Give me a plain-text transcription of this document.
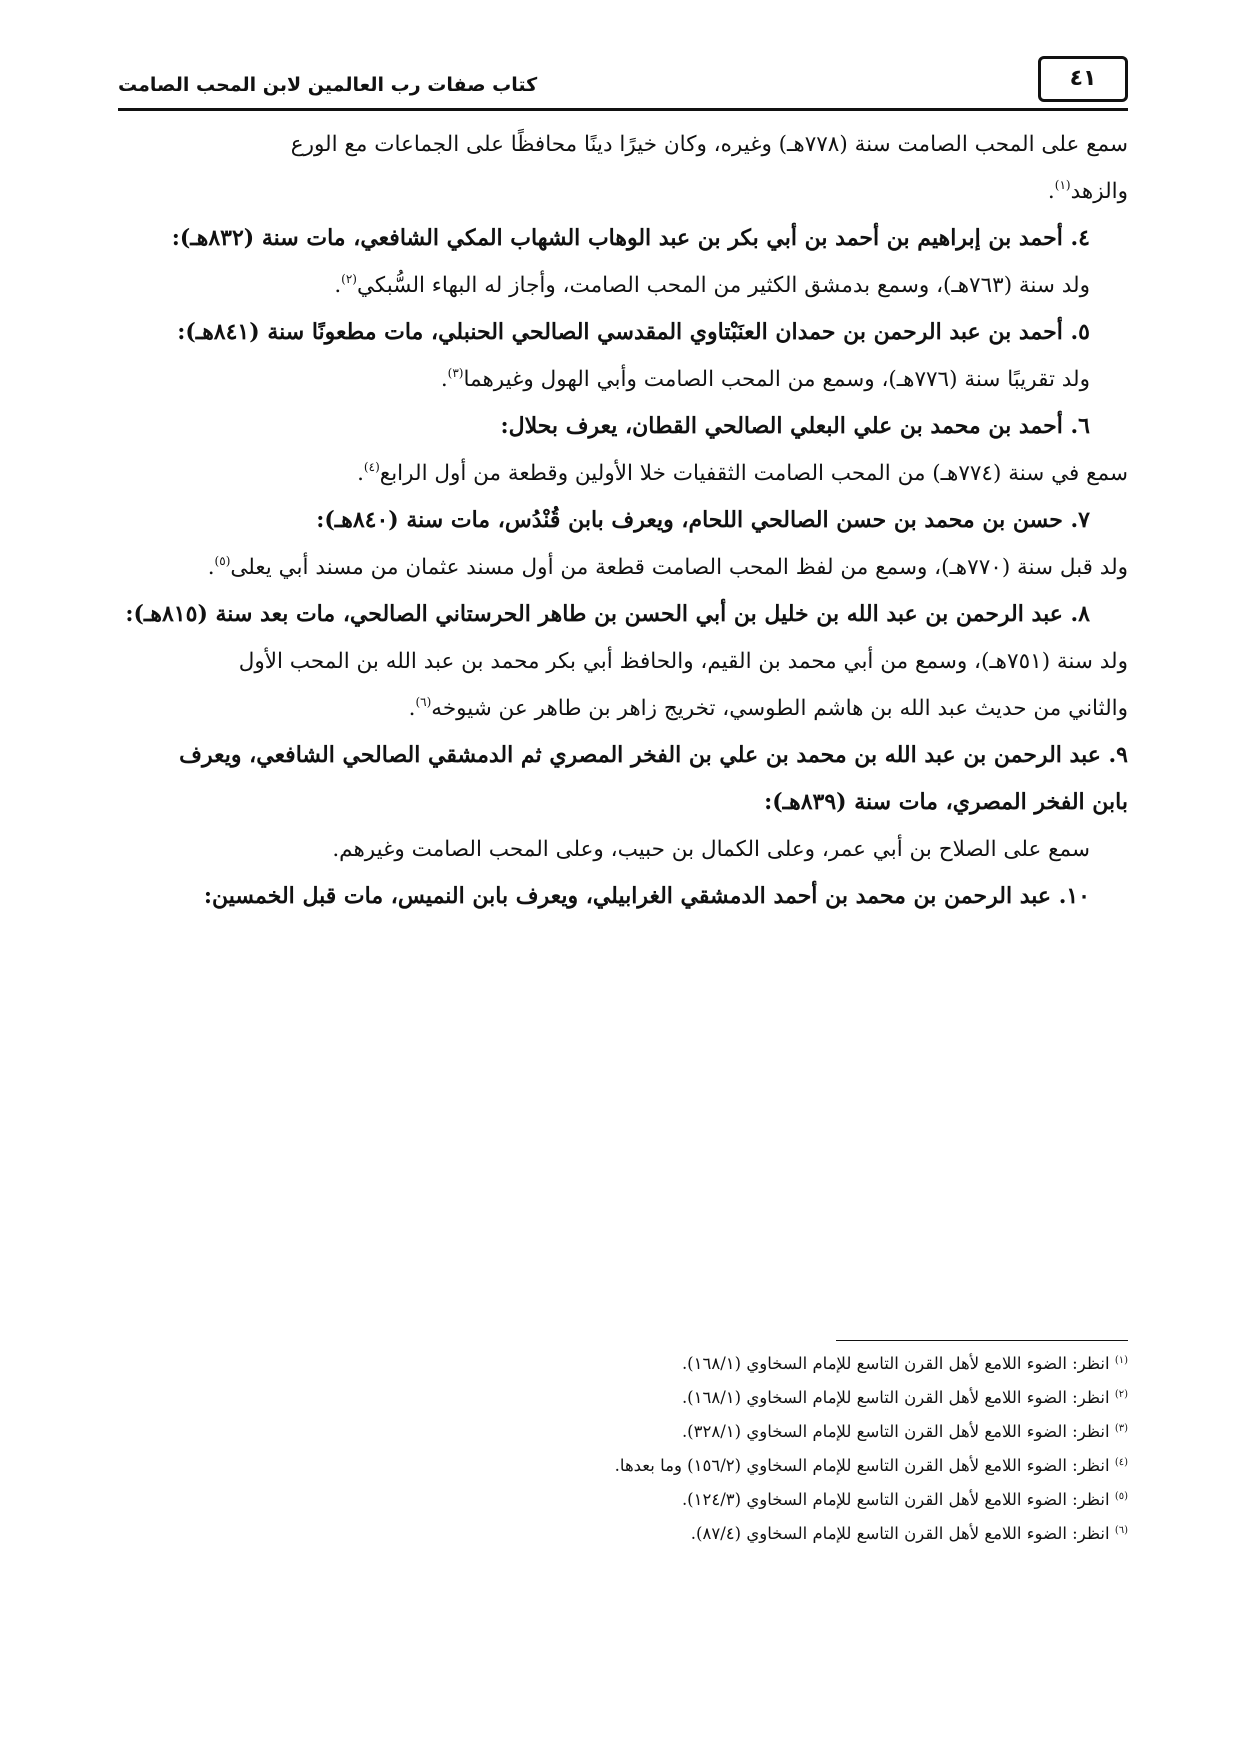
٤١
كتاب صفات رب العالمين لابن المحب الصامت

سمع على المحب الصامت سنة (٧٧٨هـ) وغيره، وكان خيرًا دينًا محافظًا على الجماعات مع الورع

والزهد$^{(١)}$.

٤. أحمد بن إبراهيم بن أحمد بن أبي بكر بن عبد الوهاب الشهاب المكي الشافعي، مات سنة (٨٣٢هـ):

ولد سنة (٧٦٣هـ)، وسمع بدمشق الكثير من المحب الصامت، وأجاز له البهاء السُّبكي$^{(٢)}$.

٥. أحمد بن عبد الرحمن بن حمدان العنَبْتاوي المقدسي الصالحي الحنبلي، مات مطعونًا سنة (٨٤١هـ):

ولد تقريبًا سنة (٧٧٦هـ)، وسمع من المحب الصامت وأبي الهول وغيرهما$^{(٣)}$.

٦. أحمد بن محمد بن علي البعلي الصالحي القطان، يعرف بحلال:

سمع في سنة (٧٧٤هـ) من المحب الصامت الثقفيات خلا الأولين وقطعة من أول الرابع$^{(٤)}$.

٧. حسن بن محمد بن حسن الصالحي اللحام، ويعرف بابن قُنْدُس، مات سنة (٨٤٠هـ):

ولد قبل سنة (٧٧٠هـ)، وسمع من لفظ المحب الصامت قطعة من أول مسند عثمان من مسند أبي يعلى$^{(٥)}$.

٨. عبد الرحمن بن عبد الله بن خليل بن أبي الحسن بن طاهر الحرستاني الصالحي، مات بعد سنة (٨١٥هـ):

ولد سنة (٧٥١هـ)، وسمع من أبي محمد بن القيم، والحافظ أبي بكر محمد بن عبد الله بن المحب الأول

والثاني من حديث عبد الله بن هاشم الطوسي، تخريج زاهر بن طاهر عن شيوخه$^{(٦)}$.

٩. عبد الرحمن بن عبد الله بن محمد بن علي بن الفخر المصري ثم الدمشقي الصالحي الشافعي، ويعرف

بابن الفخر المصري، مات سنة (٨٣٩هـ):

سمع على الصلاح بن أبي عمر، وعلى الكمال بن حبيب، وعلى المحب الصامت وغيرهم.

١٠. عبد الرحمن بن محمد بن أحمد الدمشقي الغرابيلي، ويعرف بابن النميس، مات قبل الخمسين:

$^{(١)}$ انظر: الضوء اللامع لأهل القرن التاسع للإمام السخاوي (١٦٨/١).
$^{(٢)}$ انظر: الضوء اللامع لأهل القرن التاسع للإمام السخاوي (١٦٨/١).
$^{(٣)}$ انظر: الضوء اللامع لأهل القرن التاسع للإمام السخاوي (٣٢٨/١).
$^{(٤)}$ انظر: الضوء اللامع لأهل القرن التاسع للإمام السخاوي (١٥٦/٢) وما بعدها.
$^{(٥)}$ انظر: الضوء اللامع لأهل القرن التاسع للإمام السخاوي (١٢٤/٣).
$^{(٦)}$ انظر: الضوء اللامع لأهل القرن التاسع للإمام السخاوي (٨٧/٤).
